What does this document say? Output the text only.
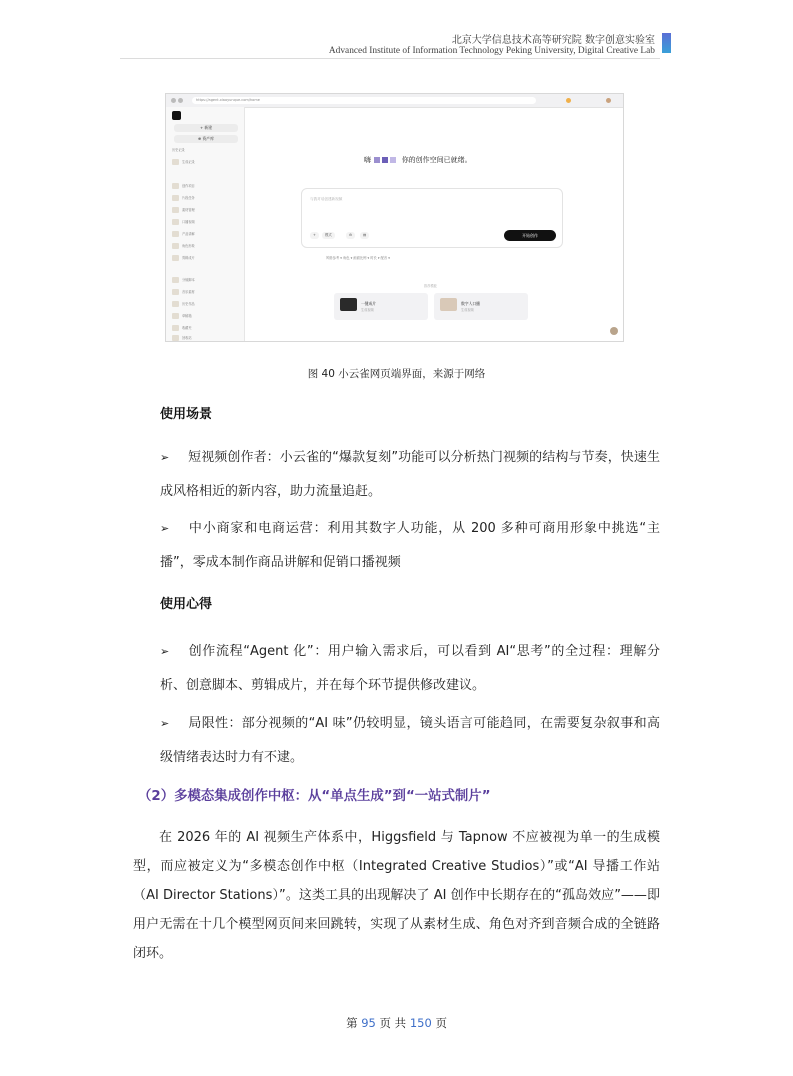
北京大学信息技术高等研究院 数字创意实验室
Advanced Institute of Information Technology Peking University, Digital Creative Lab
https://agent.xiaoyunque.com/home
+ 新建
⊕ 资产库
历史记录
生成记录
创作项目
片段任务
素材管理
口播视频
产品讲解
角色形象
剪辑成片
分镜脚本
音乐素材
历史作品
草稿箱
收藏夹
回收站
嗨	你的创作空间已就绪。
与我对话创建新视频
+	模式	⚙	▤	开始创作
风格参考 ▾ 角色 ▾ 画面比例 ▾ 时长 ▾ 配音 ▾
推荐模板
一键成片
生成视频
数字人口播
生成视频
图 40 小云雀网页端界面，来源于网络
使用场景
➢ 短视频创作者：小云雀的“爆款复刻”功能可以分析热门视频的结构与节奏，快速生成风格相近的新内容，助力流量追赶。
➢ 中小商家和电商运营：利用其数字人功能，从 200 多种可商用形象中挑选“主播”，零成本制作商品讲解和促销口播视频
使用心得
➢ 创作流程“Agent 化”：用户输入需求后，可以看到 AI“思考”的全过程：理解分析、创意脚本、剪辑成片，并在每个环节提供修改建议。
➢ 局限性：部分视频的“AI 味”仍较明显，镜头语言可能趋同，在需要复杂叙事和高级情绪表达时力有不逮。
（2）多模态集成创作中枢：从“单点生成”到“一站式制片”
在 2026 年的 AI 视频生产体系中，Higgsfield 与 Tapnow 不应被视为单一的生成模型，而应被定义为“多模态创作中枢（Integrated Creative Studios）”或“AI 导播工作站（AI Director Stations）”。这类工具的出现解决了 AI 创作中长期存在的“孤岛效应”——即用户无需在十几个模型网页间来回跳转，实现了从素材生成、角色对齐到音频合成的全链路闭环。
第 95 页 共 150 页
